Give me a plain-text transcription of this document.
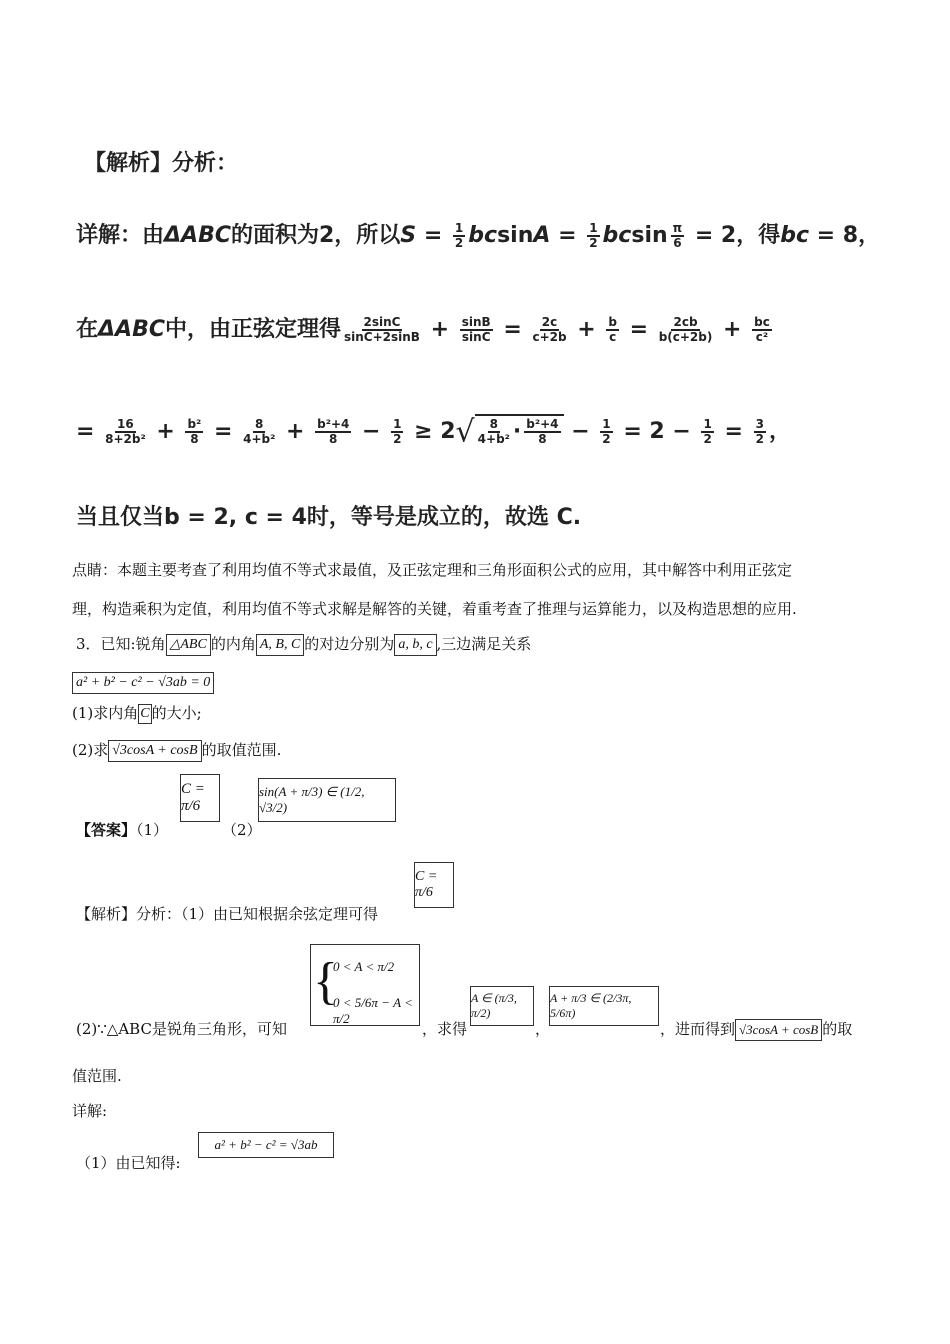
【解析】分析：
详解：由ΔABC的面积为2，所以$S = \frac{1}{2}$ $bcsinA = \frac{1}{2}$ bcsin $\frac{\pi}{6} = 2$，得bc = 8，
在ΔABC中，由正弦定理得 $\frac{2\sin C}{\sin C+2\sin B} + \frac{\sin B}{\sin C} = \frac{2c}{c+2b} + \frac{b}{c} = \frac{2cb}{b(c+2b)} + \frac{bc}{\text{c²}}$
= $\frac{16}{\text{8+2b²}} + \frac{\text{b²}}{8} = \frac{8}{\text{4+b²}} + \frac{\text{b²+4}}{8} - \frac{1}{2} \ge 2√ \frac{8}{\text{4+b²}} \cdot \frac{\text{b²+4}}{8} - \frac{1}{2} = 2 - \frac{1}{2} = \frac{3}{2}$ ，
当且仅当b = 2, c = 4时，等号是成立的，故选 C.
点睛：本题主要考查了利用均值不等式求最值，及正弦定理和三角形面积公式的应用，其中解答中利用正弦定
理，构造乘积为定值，利用均值不等式求解是解答的关键，着重考查了推理与运算能力，以及构造思想的应用.
3．已知:锐角 △ABC 的内角 A, B, C 的对边分别为 a, b, c ,三边满足关系
a² + b² − c² − √3ab = 0
(1)求内角 C 的大小;
(2)求 √3cosA + cosB 的取值范围.
【答案】（1）
C = π/6
（2）
sin(A + π/3) ∈ (1/2, √3/2)
【解析】分析：（1）由已知根据余弦定理可得
C = π/6
(2)∵△ABC是锐角三角形，可知
{
0 < A < π/2
0 < 5/6π − A < π/2
，求得
A ∈ (π/3, π/2)
，
A + π/3 ∈ (2/3π, 5/6π)
，进而得到 √3cosA + cosB 的取
值范围.
详解:
（1）由已知得:
a² + b² − c² = √3ab
